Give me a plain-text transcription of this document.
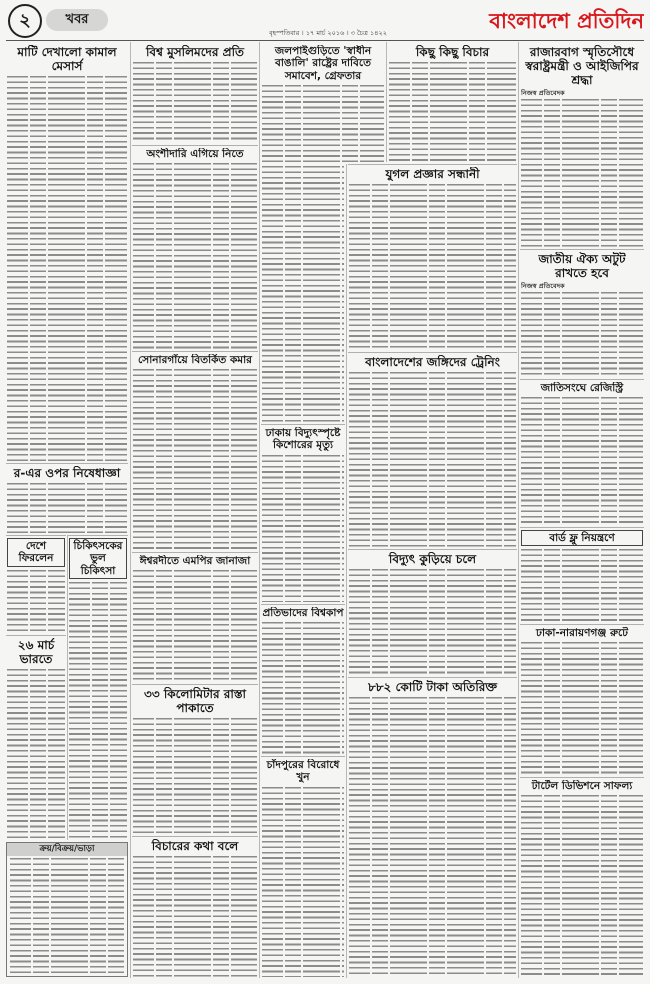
২	খবর
বৃহস্পতিবার । ১৭ মার্চ ২০১৬ । ৩ চৈত্র ১৪২২	বাংলাদেশ প্রতিদিন
মাটি দেখালো কামাল মেসার্স
র-এর ওপর নিষেধাজ্ঞা
দেশে ফিরলেন
২৬ মার্চ ভারতে
চিকিৎসকের ভুল চিকিৎসা
ক্রয়/বিক্রয়/ভাড়া
বিশ্ব মুসলিমদের প্রতি
অংশীদারি এগিয়ে নিতে
সোনারগাঁয়ে বিতর্কিত কমার
ঈশ্বরদীতে এমপির জানাজা
৩৩ কিলোমিটার রাস্তা পাকাতে
বিচারের কথা বলে
জলপাইগুড়িতে 'স্বাধীন বাঙালি' রাষ্ট্রের দাবিতে সমাবেশ, গ্রেফতার
ঢাকায় বিদ্যুৎস্পৃষ্টে কিশোরের মৃত্যু
প্রতিভাদের বিশ্বকাপ
চাঁদপুরের বিরোধে খুন
কিছু কিছু বিচার
যুগল প্রজ্ঞার সন্ধানী
বাংলাদেশের জঙ্গিদের ট্রেনিং
বিদ্যুৎ কুড়িয়ে চলে
৮৮২ কোটি টাকা অতিরিক্ত
রাজারবাগ স্মৃতিসৌধে স্বরাষ্ট্রমন্ত্রী ও আইজিপির শ্রদ্ধা
নিজস্ব প্রতিবেদক
জাতীয় ঐক্য অটুট রাখতে হবে
নিজস্ব প্রতিবেদক
জাতিসংঘে রেজিস্ট্রি
বার্ড ফ্লু নিয়ন্ত্রণে
ঢাকা-নারায়ণগঞ্জ রুটে
টার্টেল ডিভিশনে সাফল্য
